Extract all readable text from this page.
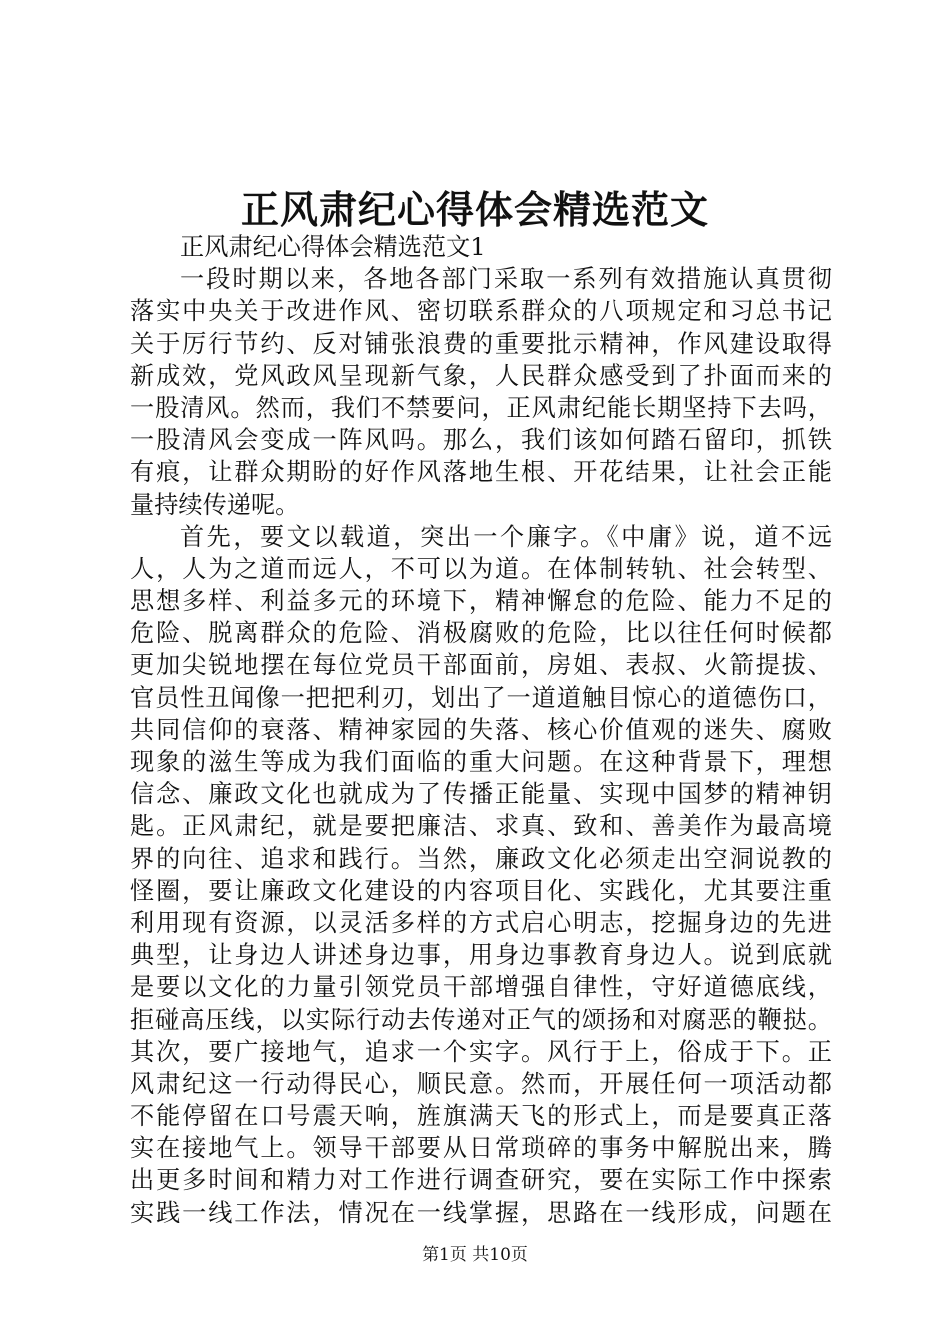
正风肃纪心得体会精选范文
正风肃纪心得体会精选范文1
一段时期以来，各地各部门采取一系列有效措施认真贯彻
落实中央关于改进作风、密切联系群众的八项规定和习总书记
关于厉行节约、反对铺张浪费的重要批示精神，作风建设取得
新成效，党风政风呈现新气象，人民群众感受到了扑面而来的
一股清风。然而，我们不禁要问，正风肃纪能长期坚持下去吗，
一股清风会变成一阵风吗。那么，我们该如何踏石留印，抓铁
有痕，让群众期盼的好作风落地生根、开花结果，让社会正能
量持续传递呢。
首先，要文以载道，突出一个廉字。《中庸》说，道不远
人，人为之道而远人，不可以为道。在体制转轨、社会转型、
思想多样、利益多元的环境下，精神懈怠的危险、能力不足的
危险、脱离群众的危险、消极腐败的危险，比以往任何时候都
更加尖锐地摆在每位党员干部面前，房姐、表叔、火箭提拔、
官员性丑闻像一把把利刃，划出了一道道触目惊心的道德伤口，
共同信仰的衰落、精神家园的失落、核心价值观的迷失、腐败
现象的滋生等成为我们面临的重大问题。在这种背景下，理想
信念、廉政文化也就成为了传播正能量、实现中国梦的精神钥
匙。正风肃纪，就是要把廉洁、求真、致和、善美作为最高境
界的向往、追求和践行。当然，廉政文化必须走出空洞说教的
怪圈，要让廉政文化建设的内容项目化、实践化，尤其要注重
利用现有资源，以灵活多样的方式启心明志，挖掘身边的先进
典型，让身边人讲述身边事，用身边事教育身边人。说到底就
是要以文化的力量引领党员干部增强自律性，守好道德底线，
拒碰高压线，以实际行动去传递对正气的颂扬和对腐恶的鞭挞。
其次，要广接地气，追求一个实字。风行于上，俗成于下。正
风肃纪这一行动得民心，顺民意。然而，开展任何一项活动都
不能停留在口号震天响，旌旗满天飞的形式上，而是要真正落
实在接地气上。领导干部要从日常琐碎的事务中解脱出来，腾
出更多时间和精力对工作进行调查研究，要在实际工作中探索
实践一线工作法，情况在一线掌握，思路在一线形成，问题在
第1页 共10页
